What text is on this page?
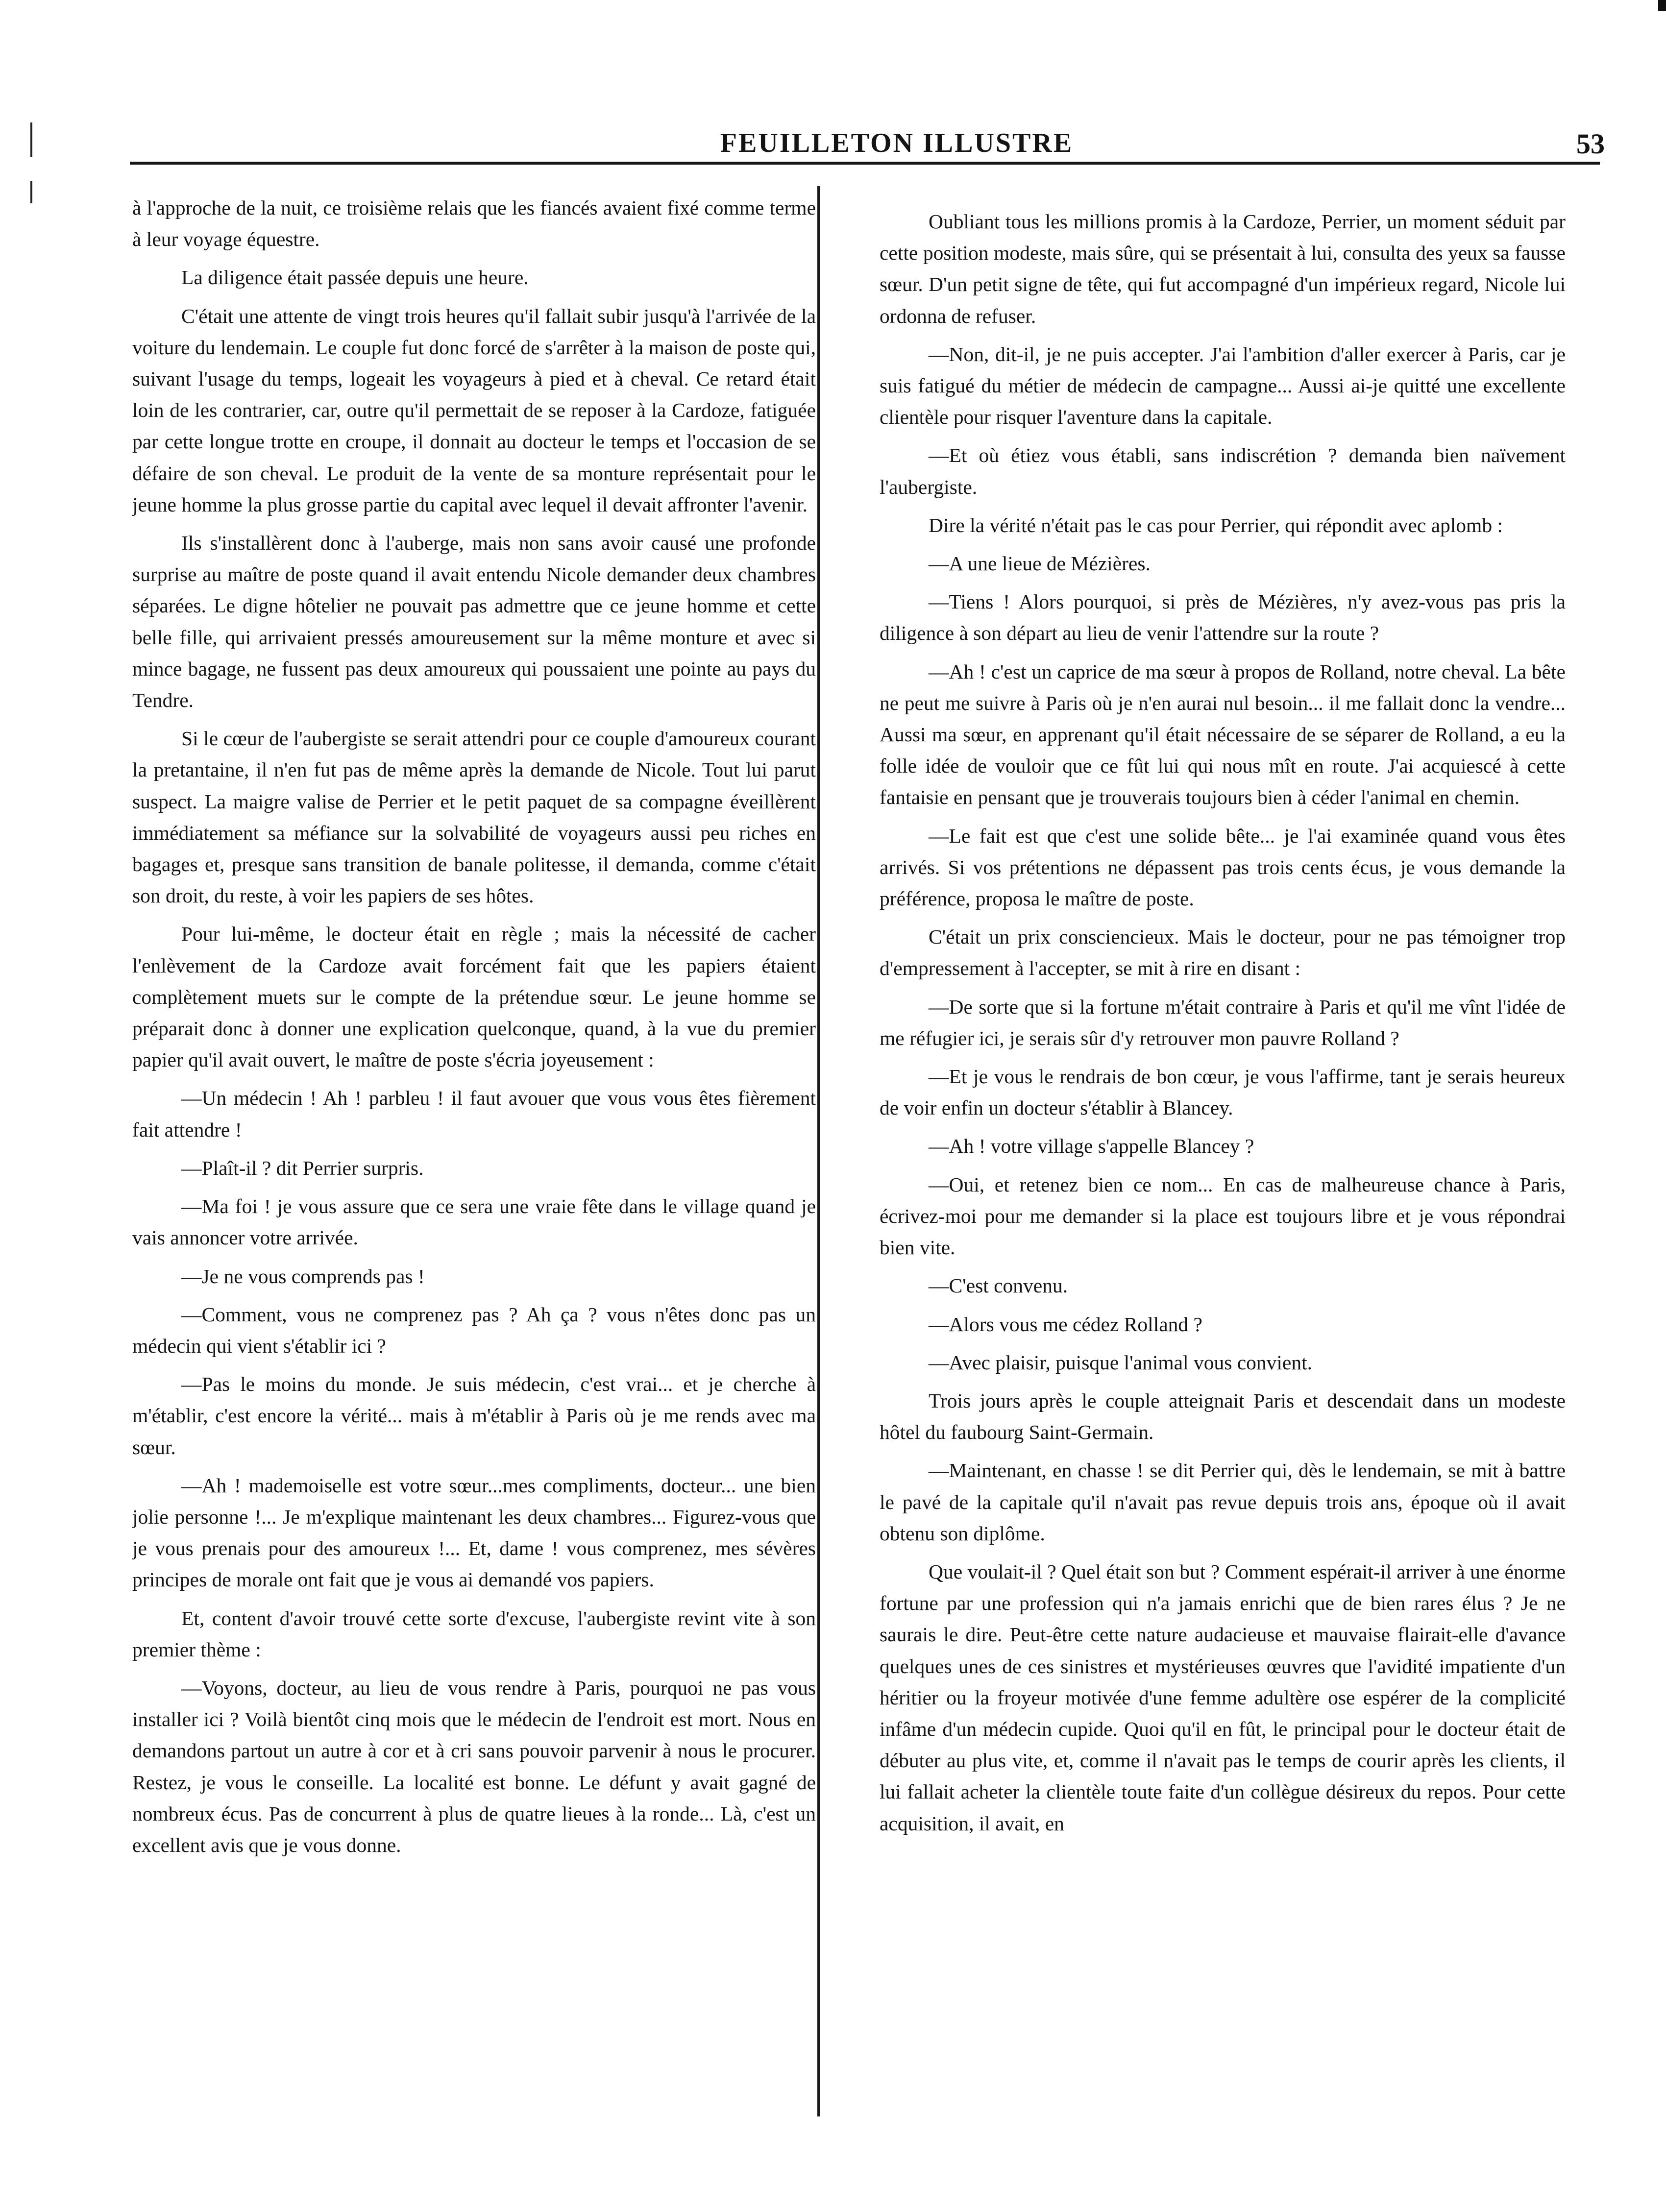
FEUILLETON ILLUSTRE	53

à l'approche de la nuit, ce troisième relais que les fiancés avaient fixé comme terme à leur voyage équestre.

La diligence était passée depuis une heure.

C'était une attente de vingt trois heures qu'il fallait subir jusqu'à l'arrivée de la voiture du lendemain. Le couple fut donc forcé de s'arrêter à la maison de poste qui, suivant l'usage du temps, logeait les voyageurs à pied et à cheval. Ce retard était loin de les contrarier, car, outre qu'il permettait de se reposer à la Cardoze, fatiguée par cette longue trotte en croupe, il donnait au docteur le temps et l'occasion de se défaire de son cheval. Le produit de la vente de sa monture représentait pour le jeune homme la plus grosse partie du capital avec lequel il devait affronter l'avenir.

Ils s'installèrent donc à l'auberge, mais non sans avoir causé une profonde surprise au maître de poste quand il avait entendu Nicole demander deux chambres séparées. Le digne hôtelier ne pouvait pas admettre que ce jeune homme et cette belle fille, qui arrivaient pressés amoureusement sur la même monture et avec si mince bagage, ne fussent pas deux amoureux qui poussaient une pointe au pays du Tendre.

Si le cœur de l'aubergiste se serait attendri pour ce couple d'amoureux courant la pretantaine, il n'en fut pas de même après la demande de Nicole. Tout lui parut suspect. La maigre valise de Perrier et le petit paquet de sa compagne éveillèrent immédiatement sa méfiance sur la solvabilité de voyageurs aussi peu riches en bagages et, presque sans transition de banale politesse, il demanda, comme c'était son droit, du reste, à voir les papiers de ses hôtes.

Pour lui-même, le docteur était en règle ; mais la nécessité de cacher l'enlèvement de la Cardoze avait forcément fait que les papiers étaient complètement muets sur le compte de la prétendue sœur. Le jeune homme se préparait donc à donner une explication quelconque, quand, à la vue du premier papier qu'il avait ouvert, le maître de poste s'écria joyeusement :

—Un médecin ! Ah ! parbleu ! il faut avouer que vous vous êtes fièrement fait attendre !

—Plaît-il ? dit Perrier surpris.

—Ma foi ! je vous assure que ce sera une vraie fête dans le village quand je vais annoncer votre arrivée.

—Je ne vous comprends pas !

—Comment, vous ne comprenez pas ? Ah ça ? vous n'êtes donc pas un médecin qui vient s'établir ici ?

—Pas le moins du monde. Je suis médecin, c'est vrai... et je cherche à m'établir, c'est encore la vérité... mais à m'établir à Paris où je me rends avec ma sœur.

—Ah ! mademoiselle est votre sœur...mes compliments, docteur... une bien jolie personne !... Je m'explique maintenant les deux chambres... Figurez-vous que je vous prenais pour des amoureux !... Et, dame ! vous comprenez, mes sévères principes de morale ont fait que je vous ai demandé vos papiers.

Et, content d'avoir trouvé cette sorte d'excuse, l'aubergiste revint vite à son premier thème :

—Voyons, docteur, au lieu de vous rendre à Paris, pourquoi ne pas vous installer ici ? Voilà bientôt cinq mois que le médecin de l'endroit est mort. Nous en demandons partout un autre à cor et à cri sans pouvoir parvenir à nous le procurer. Restez, je vous le conseille. La localité est bonne. Le défunt y avait gagné de nombreux écus. Pas de concurrent à plus de quatre lieues à la ronde... Là, c'est un excellent avis que je vous donne.

Oubliant tous les millions promis à la Cardoze, Perrier, un moment séduit par cette position modeste, mais sûre, qui se présentait à lui, consulta des yeux sa fausse sœur. D'un petit signe de tête, qui fut accompagné d'un impérieux regard, Nicole lui ordonna de refuser.

—Non, dit-il, je ne puis accepter. J'ai l'ambition d'aller exercer à Paris, car je suis fatigué du métier de médecin de campagne... Aussi ai-je quitté une excellente clientèle pour risquer l'aventure dans la capitale.

—Et où étiez vous établi, sans indiscrétion ? demanda bien naïvement l'aubergiste.

Dire la vérité n'était pas le cas pour Perrier, qui répondit avec aplomb :

—A une lieue de Mézières.

—Tiens ! Alors pourquoi, si près de Mézières, n'y avez-vous pas pris la diligence à son départ au lieu de venir l'attendre sur la route ?

—Ah ! c'est un caprice de ma sœur à propos de Rolland, notre cheval. La bête ne peut me suivre à Paris où je n'en aurai nul besoin... il me fallait donc la vendre... Aussi ma sœur, en apprenant qu'il était nécessaire de se séparer de Rolland, a eu la folle idée de vouloir que ce fût lui qui nous mît en route. J'ai acquiescé à cette fantaisie en pensant que je trouverais toujours bien à céder l'animal en chemin.

—Le fait est que c'est une solide bête... je l'ai examinée quand vous êtes arrivés. Si vos prétentions ne dépassent pas trois cents écus, je vous demande la préférence, proposa le maître de poste.

C'était un prix consciencieux. Mais le docteur, pour ne pas témoigner trop d'empressement à l'accepter, se mit à rire en disant :

—De sorte que si la fortune m'était contraire à Paris et qu'il me vînt l'idée de me réfugier ici, je serais sûr d'y retrouver mon pauvre Rolland ?

—Et je vous le rendrais de bon cœur, je vous l'affirme, tant je serais heureux de voir enfin un docteur s'établir à Blancey.

—Ah ! votre village s'appelle Blancey ?

—Oui, et retenez bien ce nom... En cas de malheureuse chance à Paris, écrivez-moi pour me demander si la place est toujours libre et je vous répondrai bien vite.

—C'est convenu.

—Alors vous me cédez Rolland ?

—Avec plaisir, puisque l'animal vous convient.

Trois jours après le couple atteignait Paris et descendait dans un modeste hôtel du faubourg Saint-Germain.

—Maintenant, en chasse ! se dit Perrier qui, dès le lendemain, se mit à battre le pavé de la capitale qu'il n'avait pas revue depuis trois ans, époque où il avait obtenu son diplôme.

Que voulait-il ? Quel était son but ? Comment espérait-il arriver à une énorme fortune par une profession qui n'a jamais enrichi que de bien rares élus ? Je ne saurais le dire. Peut-être cette nature audacieuse et mauvaise flairait-elle d'avance quelques unes de ces sinistres et mystérieuses œuvres que l'avidité impatiente d'un héritier ou la froyeur motivée d'une femme adultère ose espérer de la complicité infâme d'un médecin cupide. Quoi qu'il en fût, le principal pour le docteur était de débuter au plus vite, et, comme il n'avait pas le temps de courir après les clients, il lui fallait acheter la clientèle toute faite d'un collègue désireux du repos. Pour cette acquisition, il avait, en
